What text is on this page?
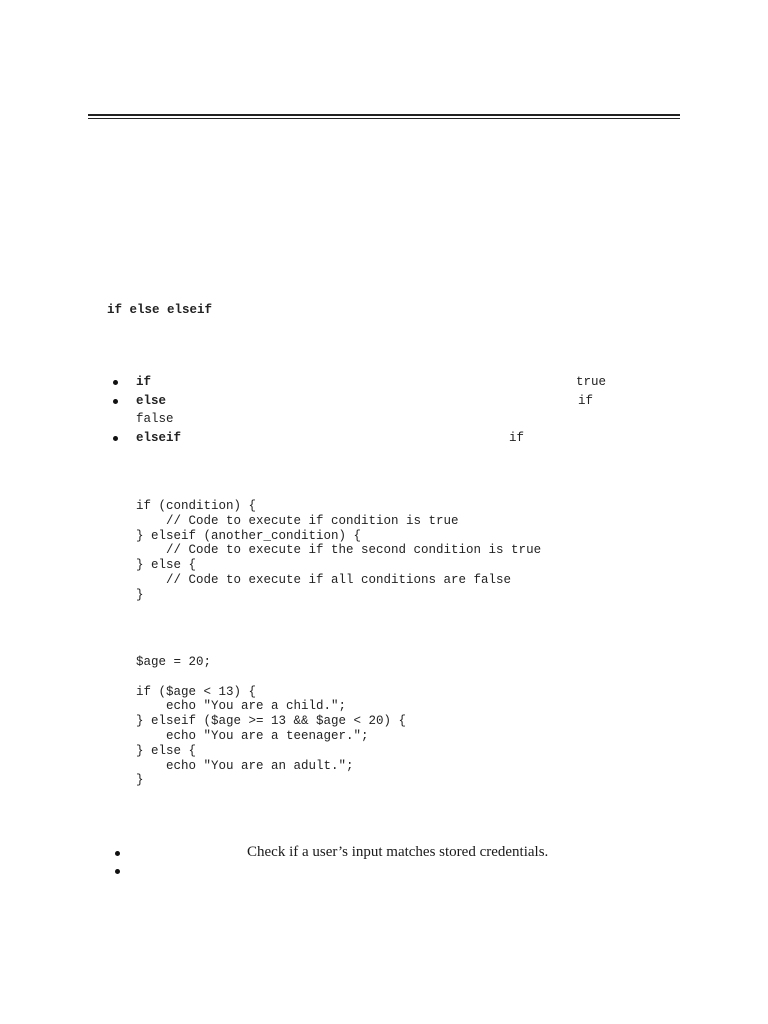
if else elseif
if	true
else	if
false
elseif	if
if (condition) {
// Code to execute if condition is true
} elseif (another_condition) {
// Code to execute if the second condition is true
} else {
// Code to execute if all conditions are false
}
$age = 20;

if ($age < 13) {
echo "You are a child.";
} elseif ($age >= 13 && $age < 20) {
echo "You are a teenager.";
} else {
echo "You are an adult.";
}
Check if a user’s input matches stored credentials.
